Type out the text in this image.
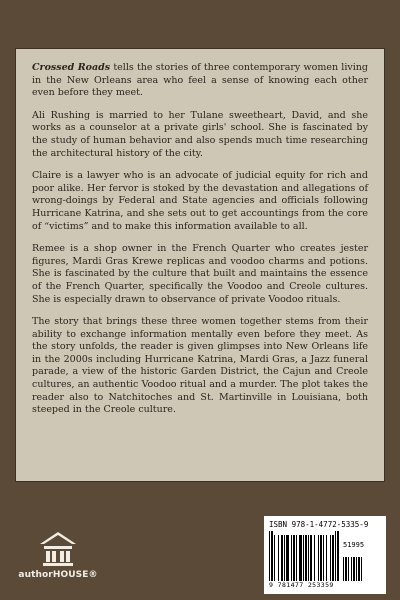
Crossed Roads tells the stories of three contemporary women living in the New Orleans area who feel a sense of knowing each other even before they meet.

Ali Rushing is married to her Tulane sweetheart, David, and she works as a counselor at a private girls' school. She is fascinated by the study of human behavior and also spends much time researching the architectural history of the city.

Claire is a lawyer who is an advocate of judicial equity for rich and poor alike. Her fervor is stoked by the devastation and allegations of wrong-doings by Federal and State agencies and officials following Hurricane Katrina, and she sets out to get accountings from the core of “victims” and to make this information available to all.

Remee is a shop owner in the French Quarter who creates jester figures, Mardi Gras Krewe replicas and voodoo charms and potions. She is fascinated by the culture that built and maintains the essence of the French Quarter, specifically the Voodoo and Creole cultures. She is especially drawn to observance of private Voodoo rituals.

The story that brings these three women together stems from their ability to exchange information mentally even before they meet. As the story unfolds, the reader is given glimpses into New Orleans life in the 2000s including Hurricane Katrina, Mardi Gras, a Jazz funeral parade, a view of the historic Garden District, the Cajun and Creole cultures, an authentic Voodoo ritual and a murder. The plot takes the reader also to Natchitoches and St. Martinville in Louisiana, both steeped in the Creole culture.

authorHOUSE®
ISBN 978-1-4772-5335-9
51995
9 781477 253359
